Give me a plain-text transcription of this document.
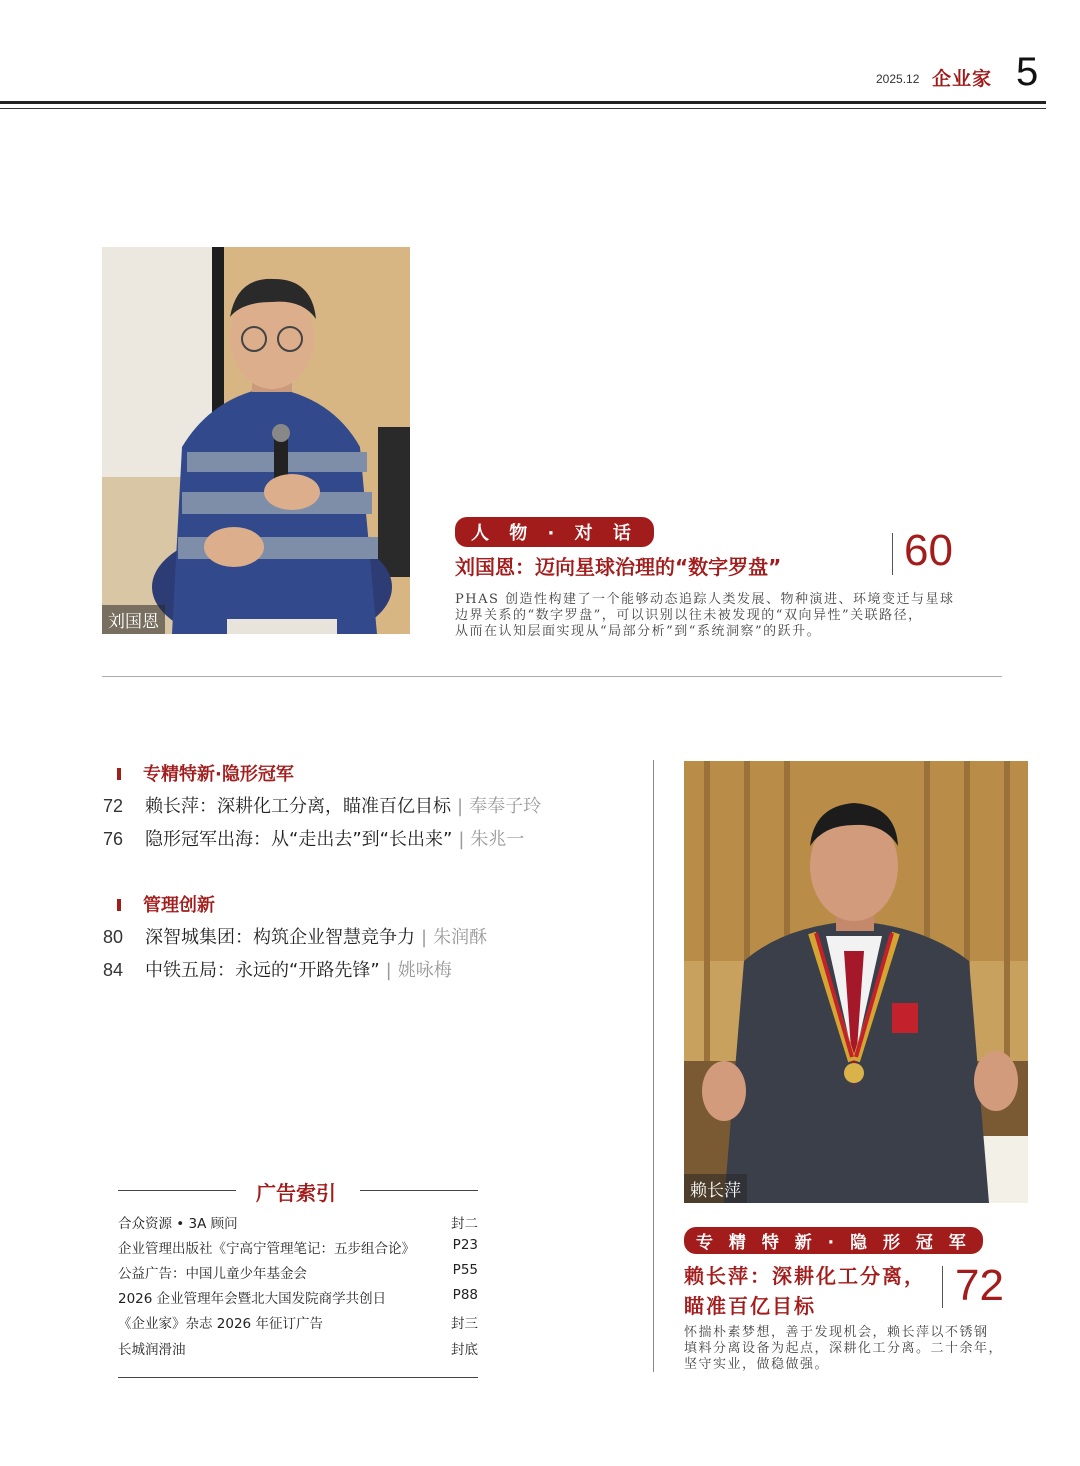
2025.12 企业家 5
刘国恩
人 物 · 对 话
刘国恩：迈向星球治理的“数字罗盘”	60
PHAS 创造性构建了一个能够动态追踪人类发展、物种演进、环境变迁与星球
边界关系的“数字罗盘”，可以识别以往未被发现的“双向异性”关联路径，
从而在认知层面实现从“局部分析”到“系统洞察”的跃升。
专精特新·隐形冠军
72 赖长萍：深耕化工分离，瞄准百亿目标 | 奉奉子玲
76 隐形冠军出海：从“走出去”到“长出来” | 朱兆一
管理创新
80 深智城集团：构筑企业智慧竞争力 | 朱润酥
84 中铁五局：永远的“开路先锋” | 姚咏梅
广告索引
合众资源 • 3A 顾问	封二
企业管理出版社《宁高宁管理笔记：五步组合论》	P23
公益广告：中国儿童少年基金会	P55
2026 企业管理年会暨北大国发院商学共创日	P88
《企业家》杂志 2026 年征订广告	封三
长城润滑油	封底
赖长萍
专 精 特 新 · 隐 形 冠 军
赖长萍：深耕化工分离，
瞄准百亿目标	72
怀揣朴素梦想，善于发现机会，赖长萍以不锈钢
填料分离设备为起点，深耕化工分离。二十余年，
坚守实业，做稳做强。
